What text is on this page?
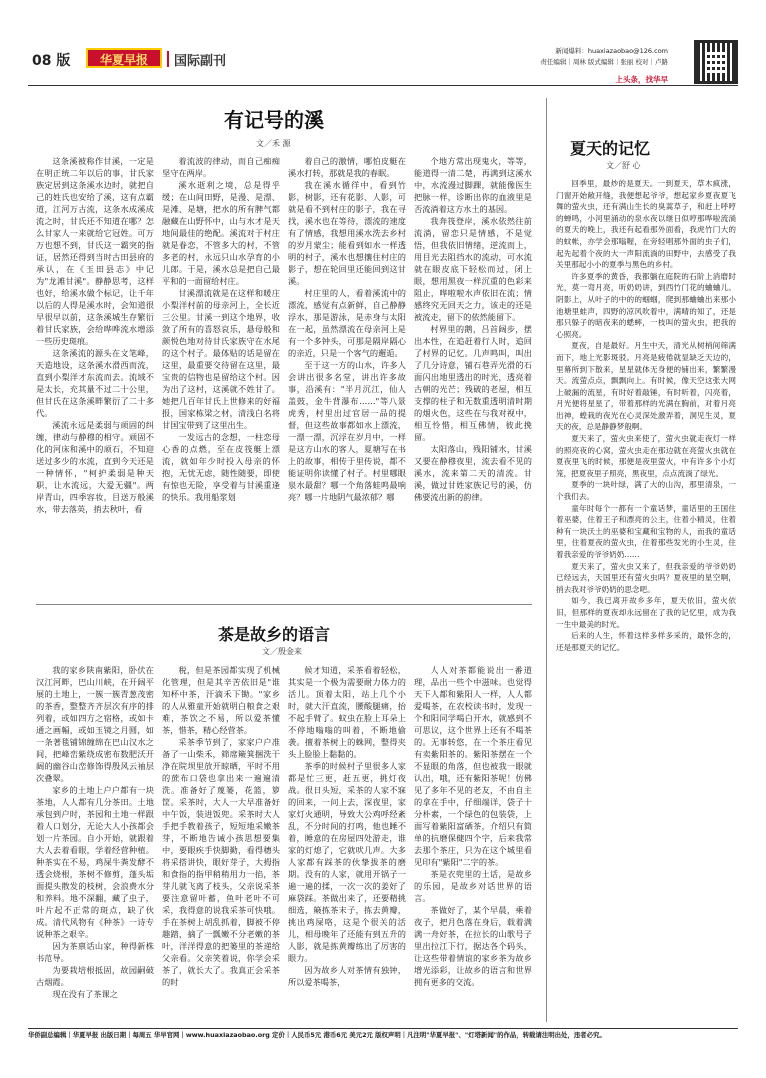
08 版	华夏早报	国际副刊
新闻爆料：huaxiazaobao@126.com
责任编辑｜周林 版式编辑｜张丽 校对｜卢路
上头条，找华早
有记号的溪
文／禾 源

这条溪被称作甘溪，一定是在明正统二年以后的事，甘氏家族定居到这条溪水边时，就把自己的姓氏也安给了溪，这有点霸道，江河万古流，这条水成溪成流之时，甘氏还不知道在哪？怎么甘家人一来就给它冠姓。可万万也想不到，甘氏这一霸突的指证，居然还得到当时古田县府的承认，在《玉田县志》中记为"龙滩甘溪"。静静思考，这样也好，给溪水做个标记，让千年以后的人得是溪水时，会知道很早很早以前，这条溪城生存繁衍着甘氏家族，会给哗哗流水增添一些历史斑痕。

这条溪流的源头在文笔峰，天造地设，这条溪水滑西而流，直到小梨洋才东流而去。流域不是太长，充其量不过二十公里，但甘氏在这条溪畔繁衍了二十多代。

溪流永远是柔弱与顽固的纠缠，律动与静穆的相守。顽固不化的河床和溪中的顽石，不知迎送过多少的水流，直到今天还是一种情怀，"柯护柔弱是种天职，让水流远，大爱无疆"。两岸青山，四季容妆，目送万般溪水，带去落英，捎去秋叶，看

着流波的律动，而自己痴痴坚守在两岸。

溪水逝利之境，总是得乎缓；在山间田野，是漫、是漂、是滩、是塘，把水的所有脾气都融藏在山野怀中，山与水才是天地间最佳的绝配。溪流对于村庄就是眷恋，不管多大的村，不管多老的村，永远只山水孕育的小儿郎。于是，溪水总是把自己最平和的一面留给村庄。

甘溪漂流就是在这样和暖庄小梨洋村前的母亲河上，全长近三公里。甘溪一到这个地界，收敛了所有的喜怒哀乐，悬母般和颜悦色地对待甘氏家族守在水尾的这个村子。最体贴的话是留在这里，最重要交待留在这里，最宝贵的信物也是留给这个村。因为出了这村，这溪就不姓甘了。她把几百年甘氏上世修来的好福报，国家栋梁之材，清浅白名将甘国宝带到了这里出生。

一发远古的念想，一柱恋母心香的点燃，至在皮筏艇上漂流，就如年少时投入母亲的怀抱，无忧无虑，随性随要，即使有惊也无险，享受着与甘溪重逢的快乐。我用船浆划

着自己的激情，哪怕皮艇在溪水打转，那就是我的春眠。

我在溪水循徉中，看到竹影，树影，还有花影、人影，可就是看不到村庄的影子，我在寻找，溪水也在等待，漂流的速度有了情感，我想用溪水洗去乡村的岁月蒙尘；能看到如水一样透明的村子，溪水也想攘住村庄的影子，想在轮回里还能回到这甘溪。

村庄里的人，看着溪流中的漂流，感觉有点新鲜，自己静静浮水，那是游泳，是赤身与太阳在一起，虽然漂流在母亲河上是有一个多钟头，可那是隔岸隔心的亲近，只是一个客气的邂逅。

至于这一方的山水，许多人会讲出很多名堂，讲出许多故事，沿溪有："半月沉江，仙人盖鼓，金牛背瀑布……"等八景虎秀，村里出过官居一品的提督，但这些故事都如水上漂流，一漂一漂，沉浮在岁月中，一样是这方山水的客人，夏塘写在书上的故事，相传于里传说，都不能证明你读懂了村子。村里哪眼泉水最甜？哪一个角落蛙鸣最响亮？哪一片地阴气最浓郁？哪

个地方常出现鬼火，等等，能道得一清二楚，再满到这溪水中，水流漫过脚踝，就能像医生把脉一样，诊断出你的血液里是否流淌着这方水土的基因。

我奔筏登岸，溪水依然往前流淌，留恋只是情感，不是觉悟，但我依旧情绪，逆流而上，用目光去阻挡水的流动，可水流就在眼皮底下轻松而过，闭上眼，想用黑夜一样沉重的色彩来阻止，哗啦啦水声依旧在流；情感终究无回天之力，该走的还是被流走，留下的依然能留下。

村界里的鹅，吕首阔步，摆出本性，在追赶着行人时，追回了村界的记忆。几声鸣叫，叫出了几分诗意，铺石巷弄光滑的石面闪出地里透出的时光，透亮着古朝的光芒；残破的老屋，相互支撑的柱子和无数重透明清时期的烟火色，这些在与我对视中，相互怜惜，相互佛情，彼此挽留。

太阳落山，残阳铺水，甘溪又要在静穆夜里，流去看不见的溪水，流来第二天的清流。甘溪，做过甘姓家族记号的溪，仿佛要流出新的韵律。

茶是故乡的语言
文／殷金来

我的家乡陕南紫阳，卧伏在汉江河畔，巴山川峡，在开阔平展的土地上，一簇一簇青葱茂密的茶香，整整齐齐层次有序的排列着，或如四方之宿格，或如卡通之画幅，或如玉镜之月圆，如一条著毯铺锦缠绵在巴山汉水之间，把峰峦紫绕成密布数肥沃开阔的幽谷山峦修饰得殷风云袖层次叠翠。

家乡的土地上户户都有一块茶地，人人都有几分茶田。土地承包到户时，茶园和土地一样跟着人口划分，无论大人小孩都会划一片茶园。自小开始，就跟着大人去着看眼，学着经营种植。种茶实在不易，鸡屎牛粪发酵不透会烧根，茶树不修剪，蓬头垢面提头散发的枝树，会浪费水分和养料。地不深翻，藏了虫子，叶片起不正常的斑点，缺了伙成。清代风物有《种茶》一诗专说种茶之艰辛。

因为茶禀话山家，种得新株书范导。

为要栽培根抵固，故园嗣破古烟霞。

现在没有了茶课之

税，但是茶园都实现了机械化管理，但是其辛苦依旧是"谁知杯中茶，汗滴禾下锄。"家乡的人从雅童开始就明白粮食之艰难，茶饮之不易，所以爱茶懂茶，惜茶，精心经营茶。

采茶季节到了，家家户户准备了一山柴禾，筛席簸箕捆洗干净在院坝里放开晾晒，平时不用的蔗布口袋也拿出来一遍遍清洗。准备好了蔑篓，花篮，箩筐。采茶时，大人一大早准备好中午饭，装进饭兜。采茶时大人手把手教着孩子，短短地采嫩茶芽，不断地告诫小孩思想要集中，要眼疾手快脚勤，看得穗头将采搭讲快，眼好芽子，大拇指和食指的指甲稍稍用力一掐，茶芽儿就飞离了枝头，父亲说采茶要注意留叶蓄，鱼叶老叶不可采，我得意的说我采茶可快哦。手在茶树上胡乱抓着，脚被不停趣踏，摘了一瓢嫩不分老嫩的茶叶，洋洋得意的把篓里的茶递给父亲看。父亲笑着说，你学会采茶了，就长大了。我真正会采茶的时

候才知道，采茶看着轻松，其实是一个极为需要耐力体力的活儿。顶着太阳，站上几个小时，就大汗直流，腰酸腿痛，抬不起手臂了。蚊虫在脸上耳朵上不停地嗡嗡的叫着，不断地偷袭。擅着茶树上的蛛网，整得夹头上脸脸上黏黏的。

茶季的时候村子里很多人家都是忙三更，赶五更，挑灯夜战。很日头短，采茶的人家不寐的回来，一问上去，深夜里，家家灯火通明，导致大公鸡呼经紊乱，不分时间的打鸣，他也睡不着，睡意的在房屋四处游走，谁家的灯熄了，它就吠几声。大多人家都有踩茶的伙挚拔茶的磨期。没有的人家，就用开锅子一遍一遍的揉，一次一次的姜好了麻袋踩。茶做出来了，还要精挑细选，簸拣茶末子，拣去黄瓣，挑出鸡屎咯，这是个很关的活儿，相母晚年了还能有到五升的人影，就是拣黄瓣练出了厉害的眼力。

因为故乡人对茶情有独钟，所以爱茶喝茶，

人人对茶都能说出一番道理，品出一些个中滋味。也觉得天下人都和紫阳人一样，人人都爱喝茶，在农校读书时，发现一个和阳同学喝白开水，就感到不可思议，这个世界上还有不喝茶的。无事转悠，在一个茶庄看见有卖紫阳茶的。紫阳茶摆在一个不显眼的角落，但也被我一眼就认出，哦，还有紫阳茶呢！仿佛见了多年不见的老友，不由自主的拿在手中，仔细端详，袋子十分朴素，一个绿色的包装袋，上面写着紫阳富硒茶，介绍只有简单的抗磨保健四个字，后来我常去那个茶庄，只为在这个城里看见印有"紫阳"二字的茶。

茶是衣兜里的土话，是故乡的乐园，是故乡对话世界的语言。

茶做好了，某个早晨，乘着夜子，把月色落在身后，载着满满一舟好茶，在拉长的山歌号子里出拉江下行，据达各个码头，让这些带着情谊的家乡茶为故乡增光添彩，让故乡的语言和世界拥有更多的交流。

夏天的记忆
文／舒 心

回季里，最炒的是夏天。一到夏天，草木疯涨，门窗开始敞开缝，我便想起爷爷，想起家乡夏夜夏飞舞的萤火虫，还有满山生长的臭蒿草子，和赶上呼哼的蝉鸣，小河里涌动的泉水夜以继日似哼那哗啦流淌的夏天的晚上，我还有起看那外面看，我虎竹门大的的蚊帐，亦学会那嗡喔，在旁轻唱那外面的虫子们，起先起着个夜的大一声阳流淌的田野中，去感受了我关里那起小小的夏季与黑色的乡村。

许多夏季的黄昏，我都躺在庭院的石阶上消磨时光，莫一弯月亮，听奶奶讲，到西竹门花的蛐蛐儿。阴影上，从叶子的中的的蝈蝈，爬到那蛐蛐出来那小池塘里蛙声，四野的凉风吹着中，满晴的知了，还是那只躲子的暗夜来的蟋蟀，一枝叫的萤火虫，把我的心照亮。

夏夜，自是最好。月生中天，清光从树梢间筛满而下，地上光影斑驳。月亮是疲倦就显缺乏天边的，里幕所到下散来，星星就体无身便的铺出来，繁繁漫天。流萤点点，飘飘向上。有时候，像天空这张大网上破漏的流星，有时好着敲锤，有时听着，闪亮着，月光便将星星了，带着那样的光满在胸前，对着月亮出神，蝗栽的夜光在心灵深处激弄着，洞见生灵，夏天的夜，总是静静梦般啊。

夏天来了，萤火虫来使了，萤火虫就走夜灯一样的照亮夜的心窝，萤火虫走在那边就在亮萤火虫就在夏夜里飞的时候，那便是夜里萤火，中有许多个小灯笼，把夏夜里子照亮，黑夜里，点点流淌了绿光。

夏季的一块叶绿，满了大的山沟，那里清泉，一个我们去。

童年时每个一都有一个童话梦，童话里的王国住着巫婆，住着王子和漂亮的公主，住着小精灵，住着种有一块沃土的巫婆和宝藏和宝物的人，而我的童话里，住着夏夜的萤火虫，住着那些发光的小生灵，住着我亲爱的爷爷奶奶……

夏天来了，萤火虫又来了，但我亲爱的爷爷奶奶已经远去，天国里还有萤火虫吗？夏夜里的星空啊，捎去我对爷爷奶奶的思念吧。

如今，我已离开故乡多年，夏天依旧，萤火依旧，但那样的夏夜却永远留在了我的记忆里，成为我一生中最美的时光。

后来的人生，怀着这样多样多采的，最怀念的，还是那夏天的记忆。

华侨副总编辑｜华夏早报 出版日期｜每周五 华早官网｜www.huaxiazaobao.org 定价｜人民币5元 港币6元 美元2元 版权声明｜凡注明"华夏早报"、"灯塔新闻"的作品，转载请注明出处，违者必究。
